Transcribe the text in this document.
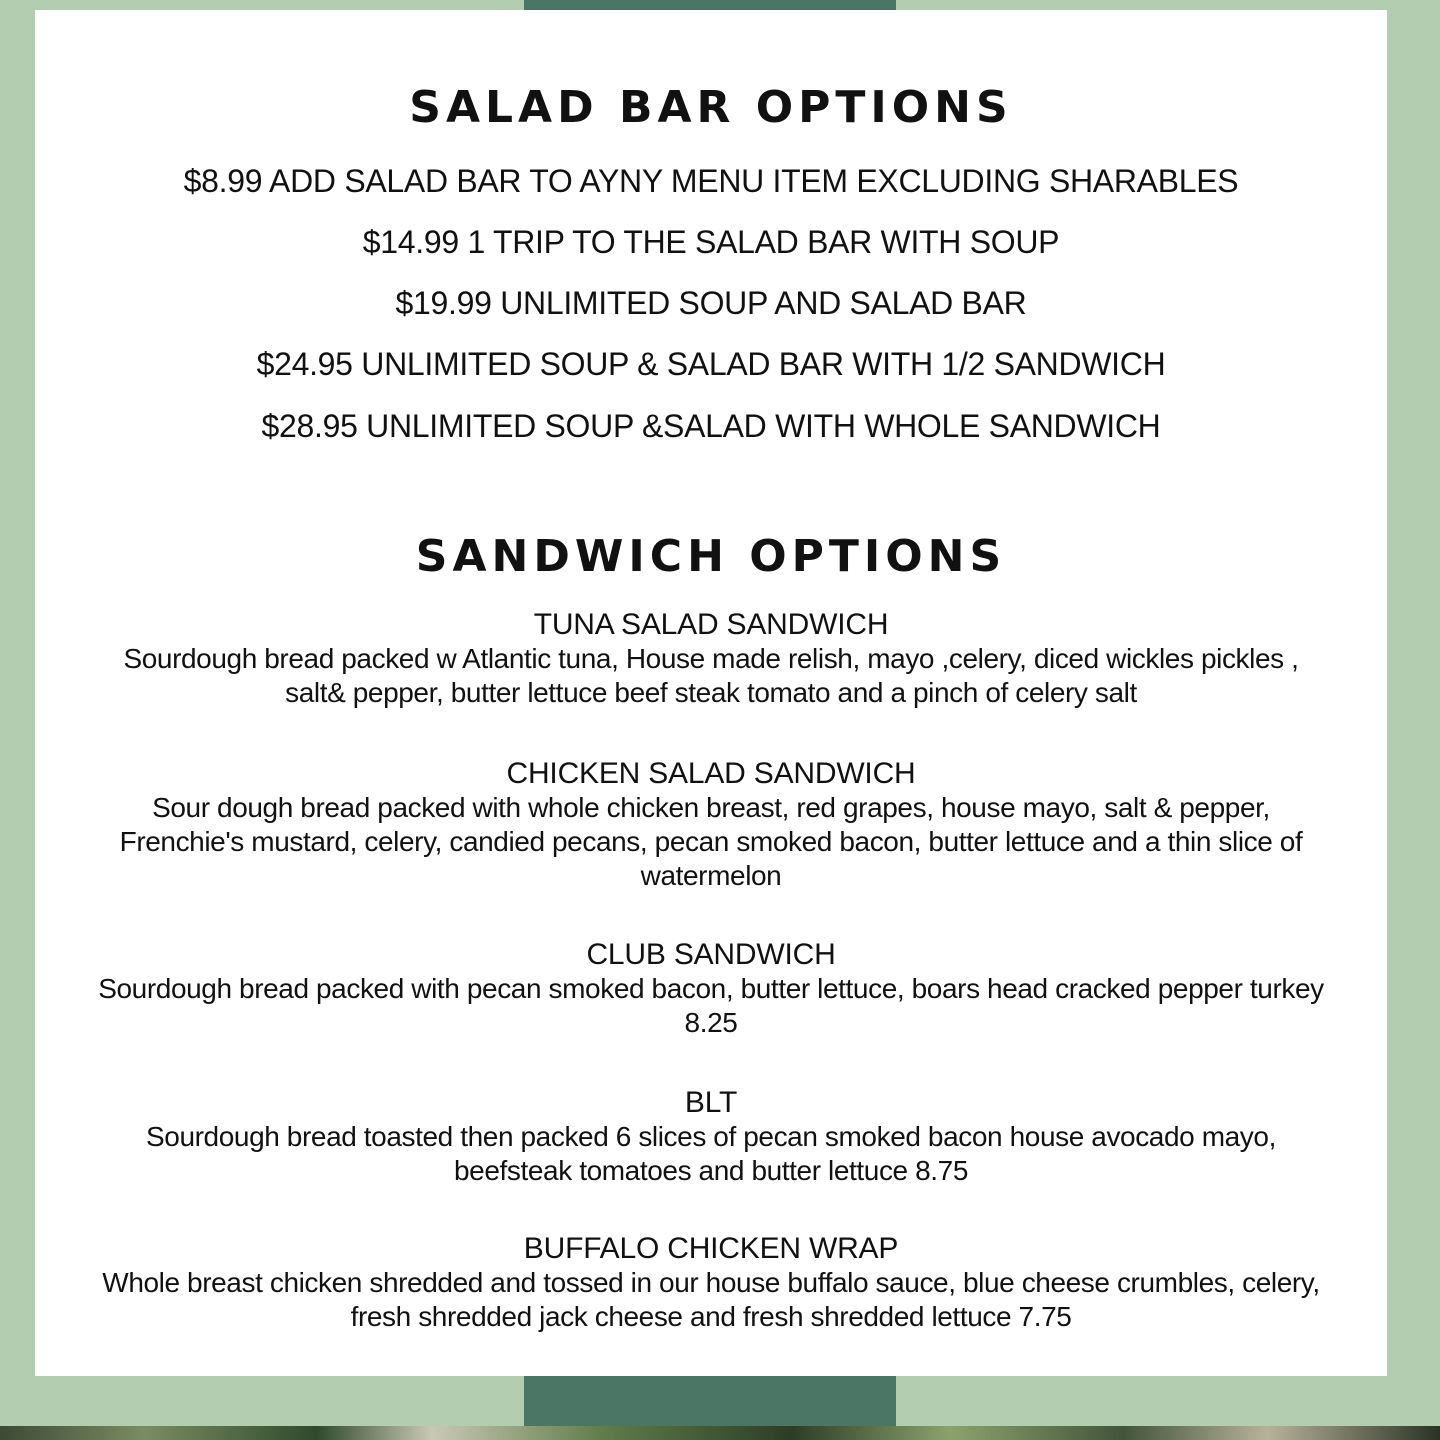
SALAD BAR OPTIONS
$8.99 ADD SALAD BAR TO AYNY MENU ITEM EXCLUDING SHARABLES
$14.99 1 TRIP TO THE SALAD BAR WITH SOUP
$19.99 UNLIMITED SOUP AND SALAD BAR
$24.95 UNLIMITED SOUP & SALAD BAR WITH 1/2 SANDWICH
$28.95 UNLIMITED SOUP &SALAD WITH WHOLE SANDWICH
SANDWICH OPTIONS
TUNA SALAD SANDWICH
Sourdough bread packed w Atlantic tuna, House made relish, mayo ,celery, diced wickles pickles , salt& pepper, butter lettuce beef steak tomato and a pinch of celery salt
CHICKEN SALAD SANDWICH
Sour dough bread packed with whole chicken breast, red grapes, house mayo, salt & pepper, Frenchie's mustard, celery, candied pecans, pecan smoked bacon, butter lettuce and a thin slice of watermelon
CLUB SANDWICH
Sourdough bread packed with pecan smoked bacon, butter lettuce, boars head cracked pepper turkey 8.25
BLT
Sourdough bread toasted then packed 6 slices of pecan smoked bacon house avocado mayo, beefsteak tomatoes and butter lettuce 8.75
BUFFALO CHICKEN WRAP
Whole breast chicken shredded and tossed in our house buffalo sauce, blue cheese crumbles, celery, fresh shredded jack cheese and fresh shredded lettuce 7.75
